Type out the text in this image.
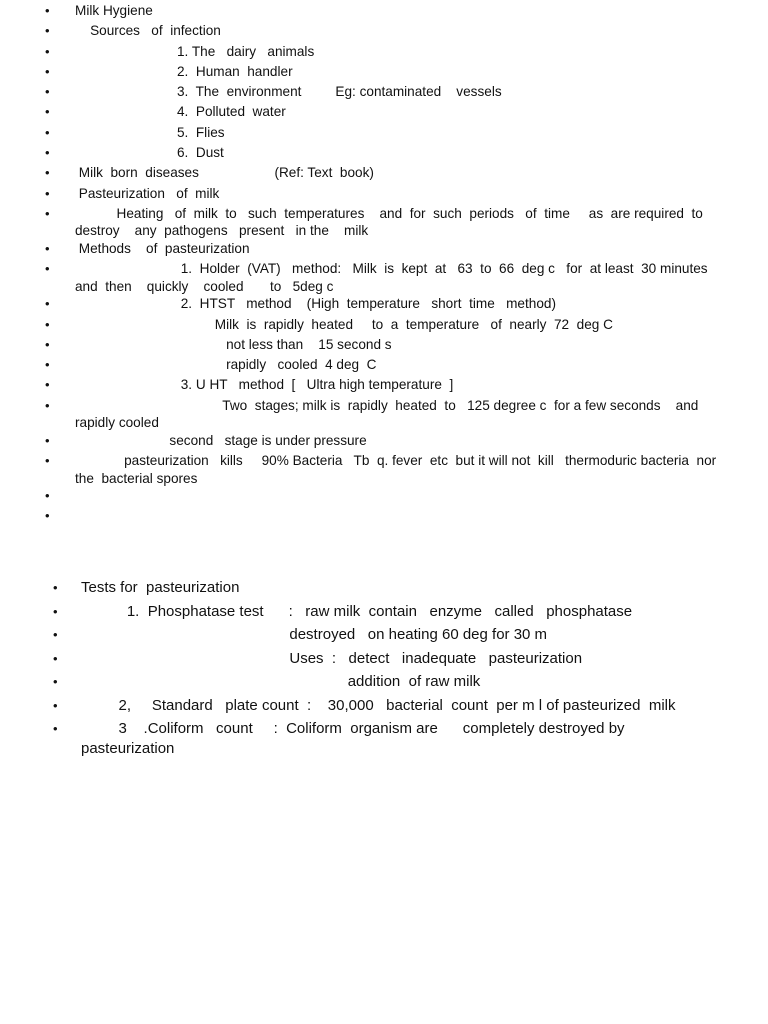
•	Milk Hygiene
•	Sources   of  infection
•	1. The   dairy   animals
•	2.  Human  handler
•	3.  The  environment         Eg: contaminated    vessels
•	4.  Polluted  water
•	5.  Flies
•	6.  Dust
•	Milk  born  diseases                    (Ref: Text  book)
•	Pasteurization   of  milk
•	Heating   of  milk  to   such  temperatures    and  for  such  periods   of  time     as  are required  to  destroy    any  pathogens   present   in the    milk
•	Methods    of  pasteurization
•	1.  Holder  (VAT)   method:   Milk  is  kept  at   63  to  66  deg c   for  at least  30 minutes    and  then    quickly    cooled       to   5deg c
•	2.  HTST   method    (High  temperature   short  time   method)
•	Milk  is  rapidly  heated     to  a  temperature   of  nearly  72  deg C
•	not less than    15 second s
•	rapidly   cooled  4 deg  C
•	3. U HT   method  [   Ultra high temperature  ]
•	Two  stages; milk is  rapidly  heated  to   125 degree c  for a few seconds    and rapidly cooled
•	second   stage is under pressure
•	pasteurization   kills     90% Bacteria   Tb  q. fever  etc  but it will not  kill   thermoduric bacteria  nor the  bacterial spores
•
•
•	Tests for  pasteurization
•	1.  Phosphatase test      :   raw milk  contain   enzyme   called   phosphatase
•	destroyed   on heating 60 deg for 30 m
•	Uses  :   detect   inadequate   pasteurization
•	addition  of raw milk
•	2,     Standard   plate count  :    30,000   bacterial  count  per m l of pasteurized  milk
•	3    .Coliform   count     :  Coliform  organism are      completely destroyed by pasteurization
